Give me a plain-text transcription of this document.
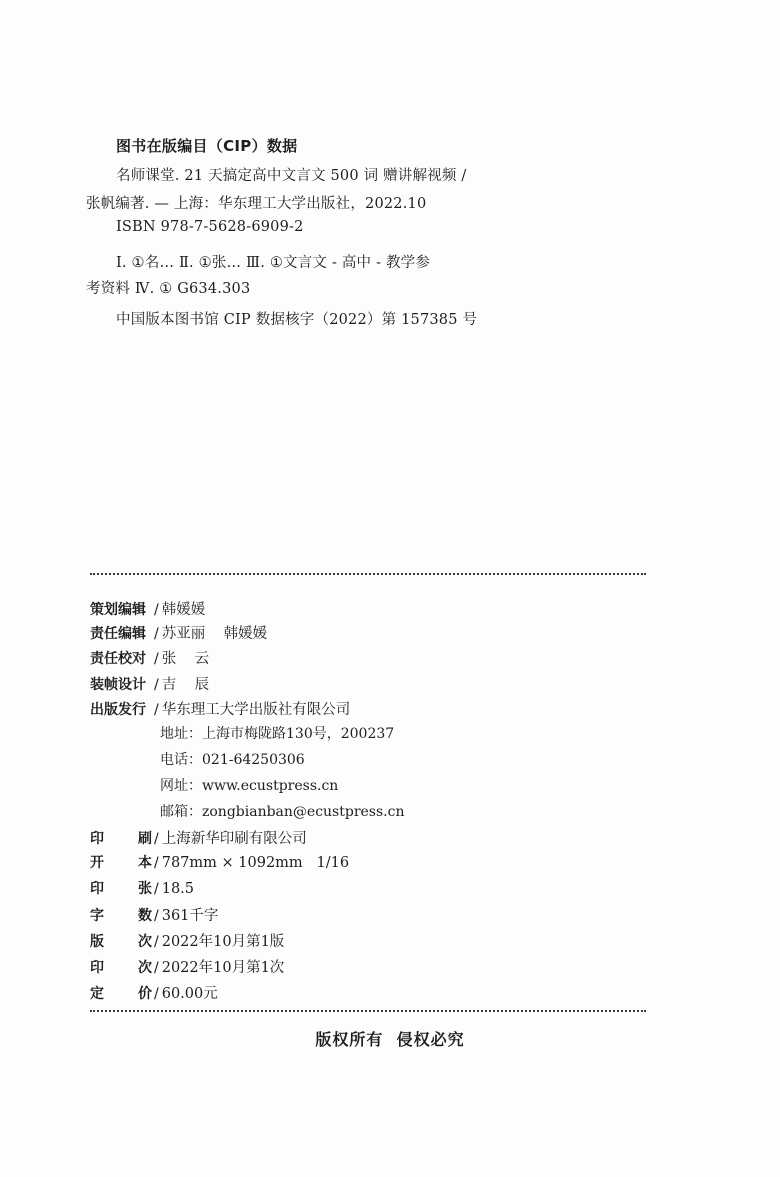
图书在版编目（CIP）数据
名师课堂. 21 天搞定高中文言文 500 词 赠讲解视频 /
张帆编著. — 上海：华东理工大学出版社，2022.10
ISBN 978-7-5628-6909-2
Ⅰ. ①名… Ⅱ. ①张… Ⅲ. ①文言文 - 高中 - 教学参
考资料 Ⅳ. ① G634.303
中国版本图书馆 CIP 数据核字（2022）第 157385 号
策划编辑 / 韩媛媛
责任编辑 / 苏亚丽    韩媛媛
责任校对 / 张    云
装帧设计 / 吉    辰
出版发行 / 华东理工大学出版社有限公司
地址：上海市梅陇路130号，200237
电话：021-64250306
网址：www.ecustpress.cn
邮箱：zongbianban@ecustpress.cn
印刷 / 上海新华印刷有限公司
开本 / 787mm × 1092mm   1/16
印张 / 18.5
字数 / 361千字
版次 / 2022年10月第1版
印次 / 2022年10月第1次
定价 / 60.00元
版权所有  侵权必究
